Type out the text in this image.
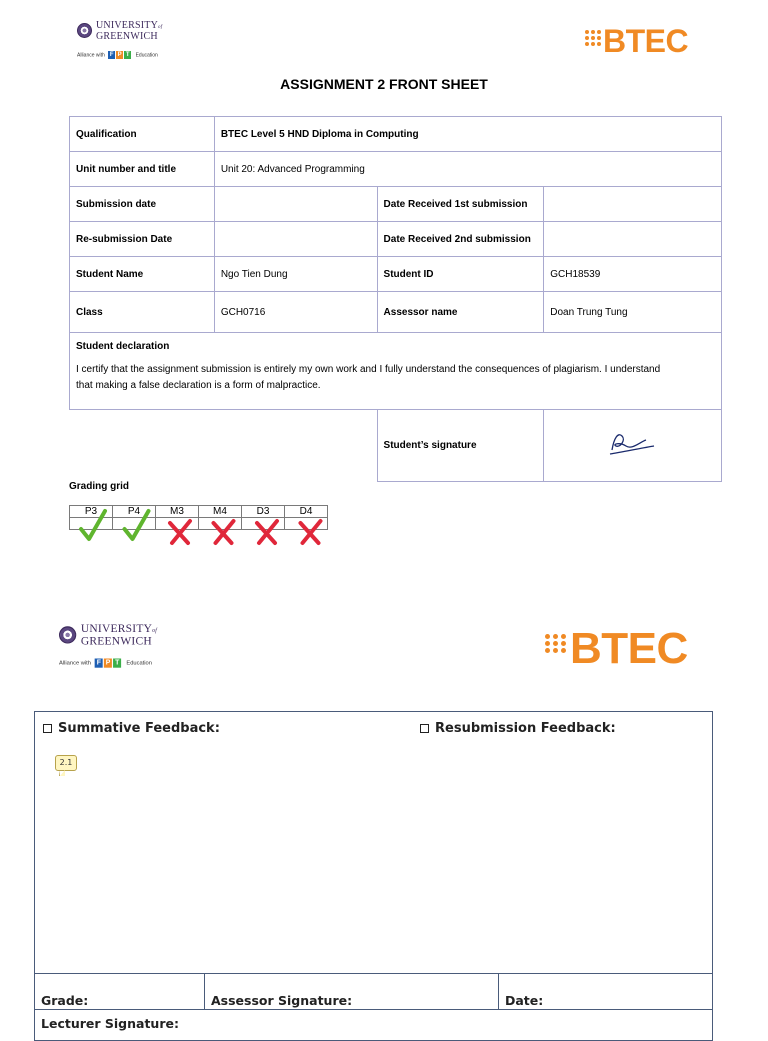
UNIVERSITYof
GREENWICH
Alliance with F P T Education	BTEC
ASSIGNMENT 2 FRONT SHEET
Qualification	BTEC Level 5 HND Diploma in Computing		
Unit number and title	Unit 20: Advanced Programming		
Submission date		Date Received 1st submission	
Re-submission Date		Date Received 2nd submission	
Student Name	Ngo Tien Dung	Student ID	GCH18539
Class	GCH0716	Assessor name	Doan Trung Tung

Student declaration
I certify that the assignment submission is entirely my own work and I fully understand the consequences of plagiarism. I understand
that making a false declaration is a form of malpractice.			

		Student’s signature	
Grading grid
P3	P4	M3	M4	D3	D4

UNIVERSITYof
GREENWICH
Alliance with F P T Education	BTEC
Summative Feedback:	Resubmission Feedback:
2.1
Grade:	Assessor Signature:	Date:
Lecturer Signature:
